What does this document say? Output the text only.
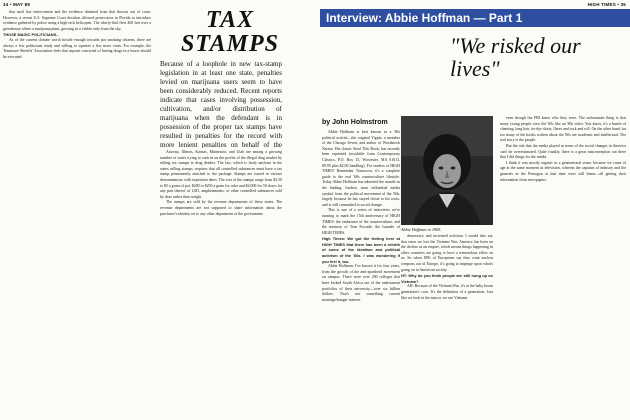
34 • MAY 89	HIGH TIMES • 35

that used law enforcement and the evidence obtained from that thrown out of court. However, a recent U.S. Supreme Court decision allowed prosecutors in Florida to introduce evidence gathered by police using a high-tech helicopter. The whirly-bird flew 400 feet over a greenhouse where a marijuana plant, growing in a visible only from the sky.

THOSE MAGIC POLITICIANS...

As of the current climate worth hostile enough towards pot smoking citizens, there are always a few politicians ready and willing to squeeze a few more votes. For example, the Tennessee Sheriffs' Association feels that anyone convicted of having drugs in a house should be executed.

TAX
STAMPS
Because of a loophole in new tax-stamp legislation in at least one state, penalties levied on marijuana users seem to have been considerably reduced. Recent reports indicate that cases involving possession, cultivation, and/or distribution of marijuana when the defendant is in possession of the proper tax stamps have resulted in penalties for the record with more lenient penalties on behalf of the

Arizona, Illinois, Kansas, Minnesota, and Utah are among a growing number of states trying to cash in on the profits of the illegal drug market by selling tax stamps to drug dealers. The law, which is fairly uniform in the states selling stamps, requires that all controlled substances must have a tax stamp permanently attached to the package. Stamps are issued in various denominations with expiration dates. The cost of the stamps range from $3.50 to $5 a gram of pot, $200 to $250 a gram for coke and $2,000 for 50 doses for any part thereof of LSD, amphetamines, or other controlled substances sold by dose rather than weight.

The stamps are sold by the revenue departments of these states. The revenue departments are not supposed to share information about the purchaser's identity on to any other department of the government.

Interview: Abbie Hoffman — Part 1
"We risked our lives"
by John Holmstrom

Abbie Hoffman is best known as a '60s political activist—the original Yippie, a member of the Chicago Seven, and author of Woodstock Nation. His classic Steal This Book, has recently been reprinted (available from Contemporary Classics, P.O. Box 15, Worcester, MA 01613, $9.95 plus $2.00 handling). For readers of HIGH TIMES' Remember Tomorrow, it's a complete guide to the real '60s counterculture lifestyle. Today Abbie Hoffman has inherited the mantle as the leading, loudest, most influential media symbol from the political movement of the '60s, largely because he has stayed closer to his roots, and is still committed to social change.

This is one of a series of interviews we're running to mark the 15th anniversary of HIGH TIMES: the endurance of the counterculture, and the memory of Tom Forcade, the founder of HIGH TIMES.

High Times: We got the feeling here at HIGH TIMES that there has been a rebirth of some of the idealism and political activism of the '60s. I was wondering if you feel it, too.

Abbie Hoffman: I've known it for four years, from the growth of the anti-apartheid movement on campus. There were over 200 colleges that have kicked South Africa out of the endowment portfolios of their university—over six billion dollars. That's not something current marriage/hunger interest.

Abbie Hoffman in 1969.

democracy and increased activism. I would also say that since we lost the Vietnam War, America has been on the decline as an empire, which means things happening in other countries are going to have a tremendous effect on us. So when 80% of Europeans say they want nuclear weapons out of Europe, it's going to impinge upon what's going on in American society.

HT: Why do you think people are still hung up on Vietnam?

AH: Because of the Vietnam War, it's at the baby boom generation's core. It's the definition of a generation. Just like we look in the mirror, we see Vietnam.

even though the FBI knew who they were. The unfortunate thing is that many young people view the '60s like an '80s video. You know, it's a bunch of chanting, long hair, tie-dye shirts, flares and rock and roll. On the other hand, far too many of the books written about the '60s are academic and intellectual. The real story is the people.

But the role that the media played in terms of the social changes in America can't be overestimated. Quite frankly, there is a great misconception out there that I did things for the media.

I think it was mostly organic in a generational sense, because we came of age at the same moment as television, wherein the captains of industry and the generals in the Pentagon at that time were still linear—all getting their information from newspapers.
